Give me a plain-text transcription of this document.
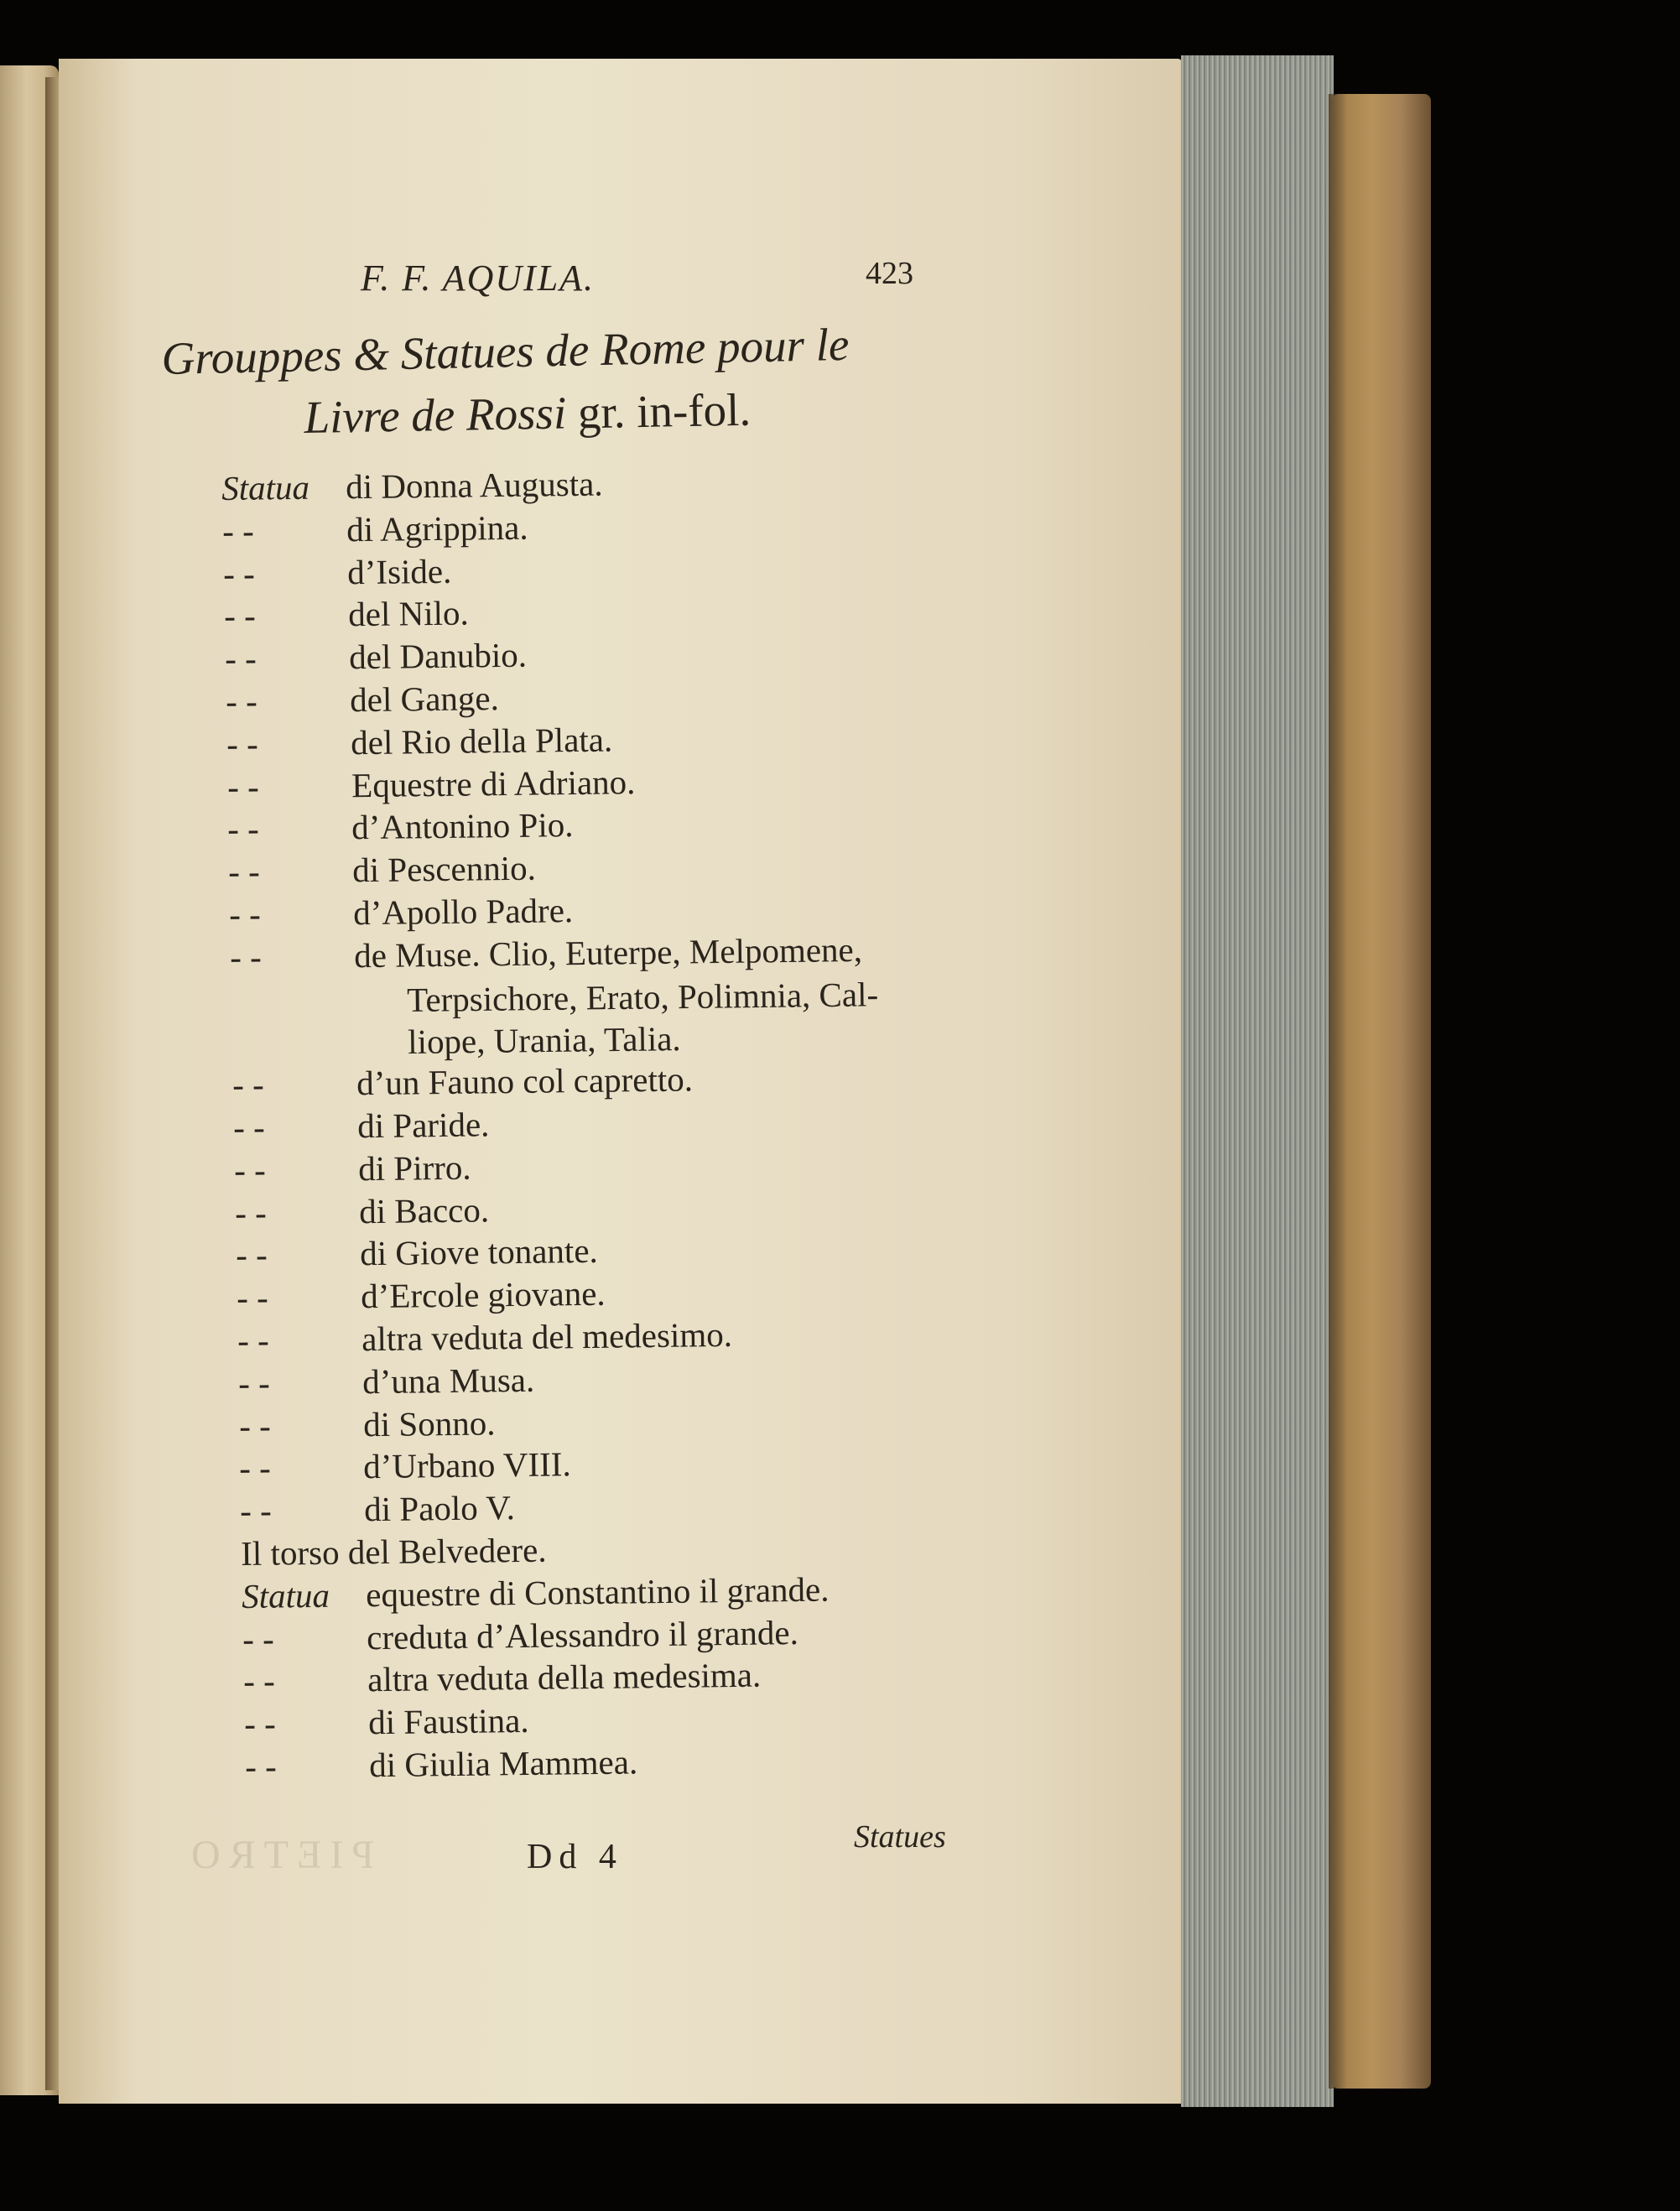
PIETRO
F. F. AQUILA.	423
Grouppes & Statues de Rome pour le
Livre de Rossi gr. in-fol.
Statua di Donna Augusta.
- -	di Agrippina.
- -	d’Iside.
- -	del Nilo.
- -	del Danubio.
- -	del Gange.
- -	del Rio della Plata.
- -	Equestre di Adriano.
- -	d’Antonino Pio.
- -	di Pescennio.
- -	d’Apollo Padre.
- -	de Muse. Clio, Euterpe, Melpomene,
Terpsichore, Erato, Polimnia, Cal-
liope, Urania, Talia.
- -	d’un Fauno col capretto.
- -	di Paride.
- -	di Pirro.
- -	di Bacco.
- -	di Giove tonante.
- -	d’Ercole giovane.
- -	altra veduta del medesimo.
- -	d’una Musa.
- -	di Sonno.
- -	d’Urbano VIII.
- -	di Paolo V.
Il torso del Belvedere.
Statua equestre di Constantino il grande.
- -	creduta d’Alessandro il grande.
- -	altra veduta della medesima.
- -	di Faustina.
- -	di Giulia Mammea.
Dd 4
Statues
